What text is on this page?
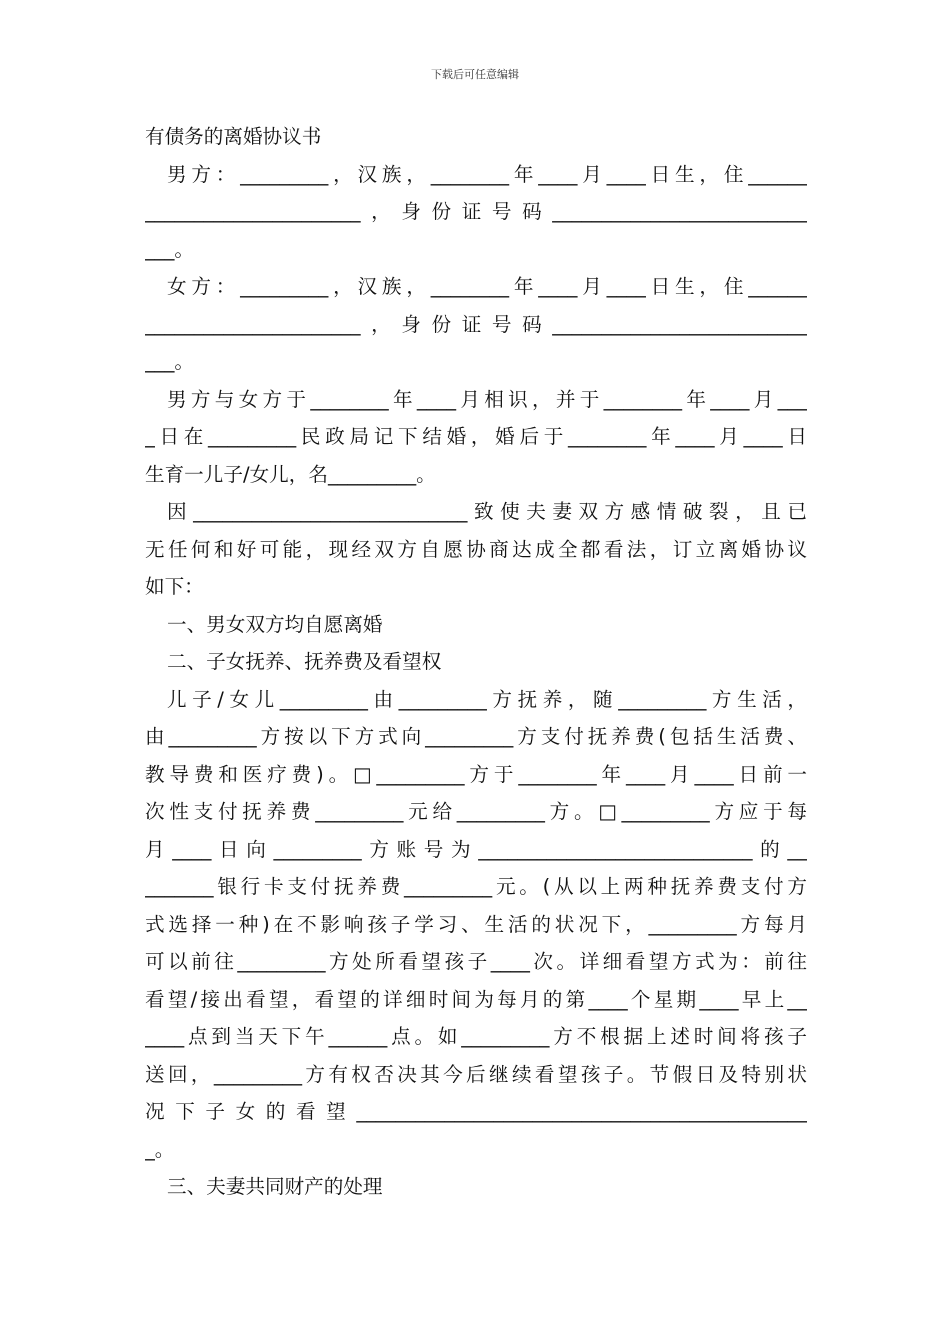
下载后可任意编辑
有债务的离婚协议书
男方：_________，汉族，________年____月____日生，住______
______________________，身份证号码__________________________
___。
女方：_________，汉族，________年____月____日生，住______
______________________，身份证号码__________________________
___。
男方与女方于________年____月相识，并于________年____月___
_日在_________民政局记下结婚，婚后于________年____月____日
生育一儿子/女儿，名_________。
因____________________________致使夫妻双方感情破裂，且已
无任何和好可能，现经双方自愿协商达成全都看法，订立离婚协议
如下：
一、男女双方均自愿离婚
二、子女抚养、抚养费及看望权
儿子/女儿_________由_________方抚养，随_________方生活，
由_________方按以下方式向_________方支付抚养费(包括生活费、
教导费和医疗费)。□_________方于________年____月____日前一
次性支付抚养费_________元给_________方。□_________方应于每
月____日向_________方账号为____________________________的__
_______银行卡支付抚养费_________元。(从以上两种抚养费支付方
式选择一种)在不影响孩子学习、生活的状况下，_________方每月
可以前往_________方处所看望孩子____次。详细看望方式为：前往
看望/接出看望，看望的详细时间为每月的第____个星期____早上__
____点到当天下午______点。如_________方不根据上述时间将孩子
送回，_________方有权否决其今后继续看望孩子。节假日及特别状
况下子女的看望______________________________________________
_。
三、夫妻共同财产的处理
